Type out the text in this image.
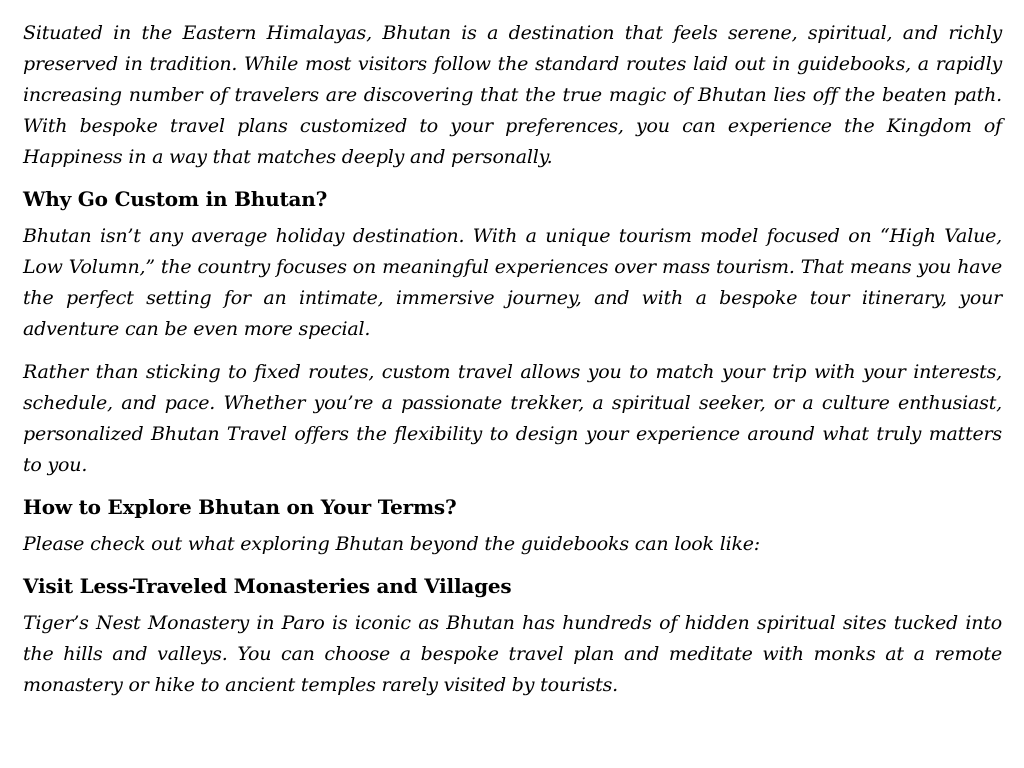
Situated in the Eastern Himalayas, Bhutan is a destination that feels serene, spiritual, and richly preserved in tradition. While most visitors follow the standard routes laid out in guidebooks, a rapidly increasing number of travelers are discovering that the true magic of Bhutan lies off the beaten path. With bespoke travel plans customized to your preferences, you can experience the Kingdom of Happiness in a way that matches deeply and personally.

Why Go Custom in Bhutan?

Bhutan isn’t any average holiday destination. With a unique tourism model focused on “High Value, Low Volumn,” the country focuses on meaningful experiences over mass tourism. That means you have the perfect setting for an intimate, immersive journey, and with a bespoke tour itinerary, your adventure can be even more special.

Rather than sticking to fixed routes, custom travel allows you to match your trip with your interests, schedule, and pace. Whether you’re a passionate trekker, a spiritual seeker, or a culture enthusiast, personalized Bhutan Travel offers the flexibility to design your experience around what truly matters to you.

How to Explore Bhutan on Your Terms?

Please check out what exploring Bhutan beyond the guidebooks can look like:

Visit Less-Traveled Monasteries and Villages

Tiger’s Nest Monastery in Paro is iconic as Bhutan has hundreds of hidden spiritual sites tucked into the hills and valleys. You can choose a bespoke travel plan and meditate with monks at a remote monastery or hike to ancient temples rarely visited by tourists.
